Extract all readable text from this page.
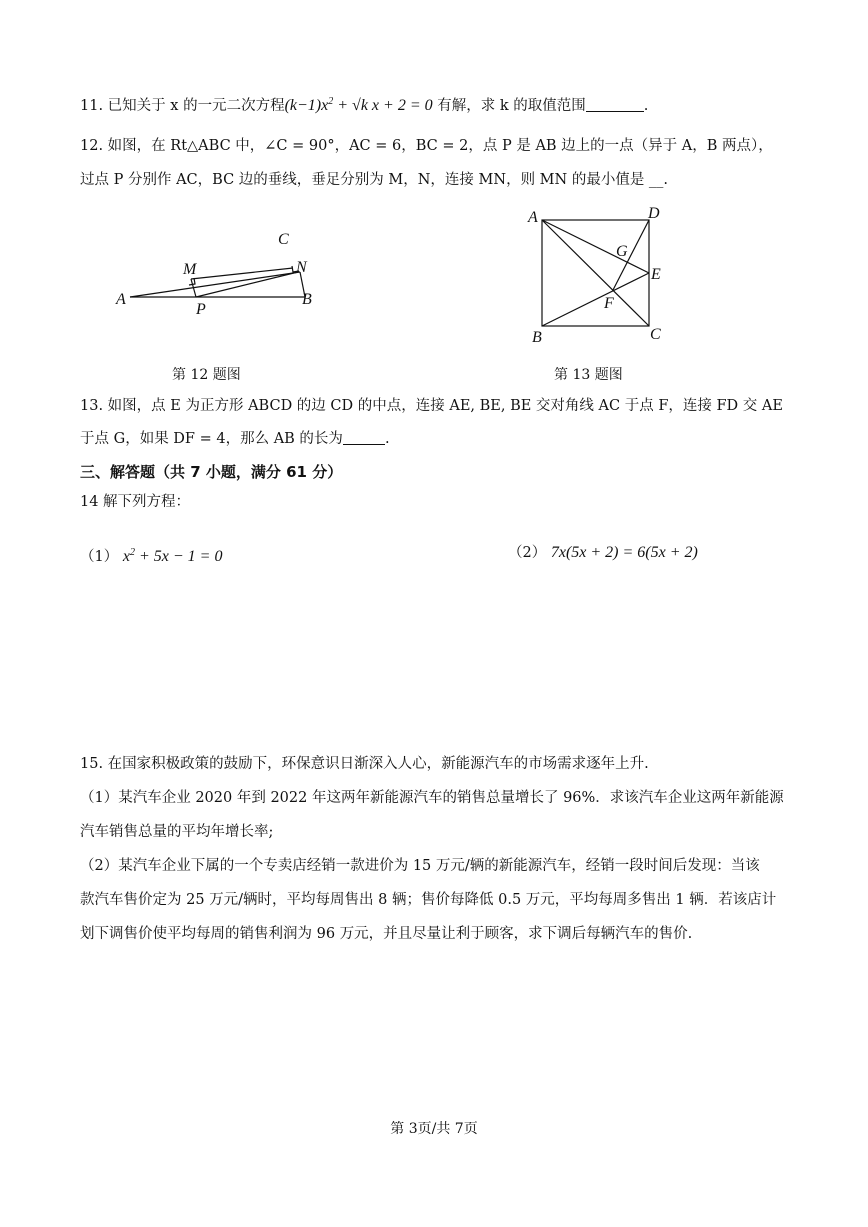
11. 已知关于 x 的一元二次方程$(k-1)x^2 + √k$ x + 2 = 0 有解，求 k 的取值范围	.
12. 如图，在 Rt△ABC 中，∠C = 90°，AC = 6，BC = 2，点 P 是 AB 边上的一点（异于 A，B 两点），
过点 P 分别作 AC，BC 边的垂线，垂足分别为 M，N，连接 MN，则 MN 的最小值是 __.
A
C
M	N
B
P
A	D
G
E
F
B	C
第 12 题图	第 13 题图
13. 如图，点 E 为正方形 ABCD 的边 CD 的中点，连接 AE, BE, BE 交对角线 AC 于点 F，连接 FD 交 AE
于点 G，如果 DF = 4，那么 AB 的长为	.
三、解答题（共 7 小题，满分 61 分）
14 解下列方程：
（1） $x^2 + 5x - 1 = 0$	（2） 7x(5x + 2) = 6(5x + 2)
15. 在国家积极政策的鼓励下，环保意识日渐深入人心，新能源汽车的市场需求逐年上升.
（1）某汽车企业 2020 年到 2022 年这两年新能源汽车的销售总量增长了 96%．求该汽车企业这两年新能源
汽车销售总量的平均年增长率;
（2）某汽车企业下属的一个专卖店经销一款进价为 15 万元/辆的新能源汽车，经销一段时间后发现：当该
款汽车售价定为 25 万元/辆时，平均每周售出 8 辆；售价每降低 0.5 万元，平均每周多售出 1 辆．若该店计
划下调售价使平均每周的销售利润为 96 万元，并且尽量让利于顾客，求下调后每辆汽车的售价.
第 3页/共 7页
